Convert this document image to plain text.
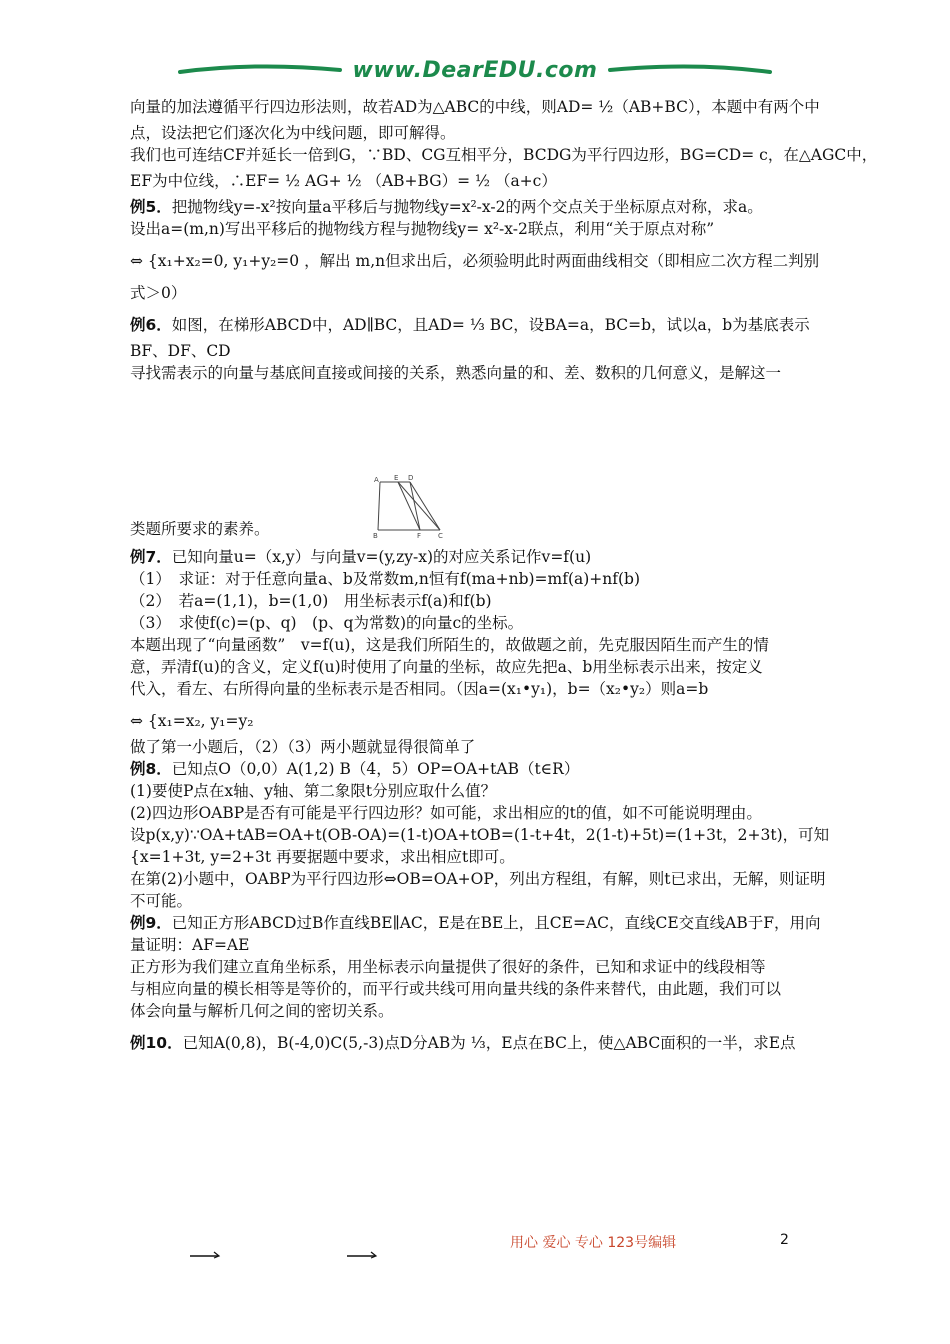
www.DearEDU.com
向量的加法遵循平行四边形法则，故若AD为△ABC的中线，则AD= ½（AB+BC），本题中有两个中
点，设法把它们逐次化为中线问题，即可解得。
我们也可连结CF并延长一倍到G，∵BD、CG互相平分，BCDG为平行四边形，BG=CD= c，在△AGC中，
EF为中位线，∴EF= ½ AG+ ½ （AB+BG）= ½ （a+c）
例5．把抛物线y=-x²按向量a平移后与抛物线y=x²-x-2的两个交点关于坐标原点对称，求a。
设出a=(m,n)写出平移后的抛物线方程与抛物线y= x²-x-2联点，利用“关于原点对称”
⇔ {x₁+x₂=0, y₁+y₂=0 ，解出 m,n但求出后，必须验明此时两面曲线相交（即相应二次方程二判别
式＞0）
例6．如图，在梯形ABCD中，AD∥BC，且AD= ⅓ BC，设BA=a，BC=b，试以a，b为基底表示
BF、DF、CD
寻找需表示的向量与基底间直接或间接的关系，熟悉向量的和、差、数积的几何意义，是解这一
类题所要求的素养。
例7．已知向量u=（x,y）与向量v=(y,zy-x)的对应关系记作v=f(u)
（1）　求证：对于任意向量a、b及常数m,n恒有f(ma+nb)=mf(a)+nf(b)
（2）　若a=(1,1)，b=(1,0)　用坐标表示f(a)和f(b)
（3）　求使f(c)=(p、q)　(p、q为常数)的向量c的坐标。
本题出现了“向量函数”　v=f(u)，这是我们所陌生的，故做题之前，先克服因陌生而产生的情
意，弄清f(u)的含义，定义f(u)时使用了向量的坐标，故应先把a、b用坐标表示出来，按定义
代入，看左、右所得向量的坐标表示是否相同。（因a=(x₁•y₁)，b=（x₂•y₂）则a=b
⇔ {x₁=x₂, y₁=y₂
做了第一小题后，（2）（3）两小题就显得很简单了
例8．已知点O（0,0）A(1,2) B（4，5）OP=OA+tAB（t∈R）
(1)要使P点在x轴、y轴、第二象限t分别应取什么值？
(2)四边形OABP是否有可能是平行四边形？如可能，求出相应的t的值，如不可能说明理由。
设p(x,y)∵OA+tAB=OA+t(OB-OA)=(1-t)OA+tOB=(1-t+4t，2(1-t)+5t)=(1+3t，2+3t)，可知
{x=1+3t, y=2+3t 再要据题中要求，求出相应t即可。
在第(2)小题中，OABP为平行四边形⇔OB=OA+OP，列出方程组，有解，则t已求出，无解，则证明
不可能。
例9．已知正方形ABCD过B作直线BE∥AC，E是在BE上，且CE=AC，直线CE交直线AB于F，用向
量证明：AF=AE
正方形为我们建立直角坐标系，用坐标表示向量提供了很好的条件，已知和求证中的线段相等
与相应向量的模长相等是等价的，而平行或共线可用向量共线的条件来替代，由此题，我们可以
体会向量与解析几何之间的密切关系。
例10．已知A(0,8)，B(-4,0)C(5,-3)点D分AB为 ⅓，E点在BC上，使△ABC面积的一半，求E点
A E D
B	F C
用心 爱心 专心 123号编辑	2
